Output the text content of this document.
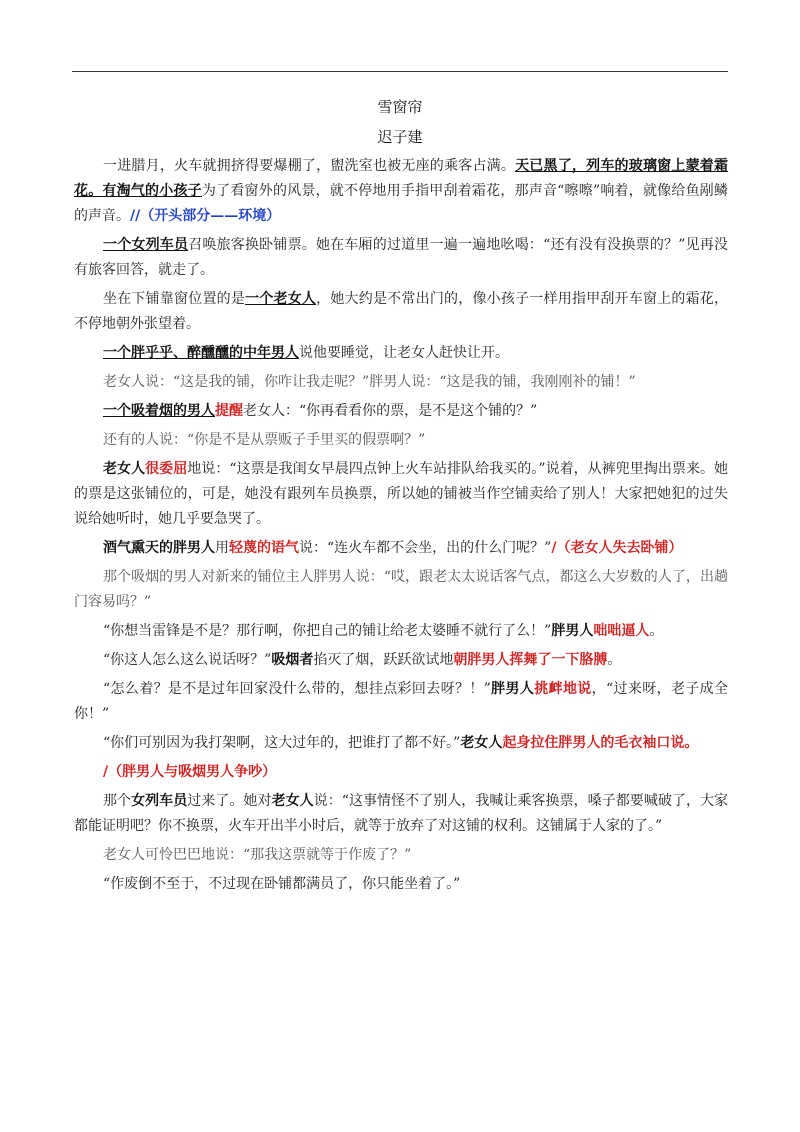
雪窗帘
迟子建

一进腊月，火车就拥挤得要爆棚了，盥洗室也被无座的乘客占满。天已黑了，列车的玻璃窗上蒙着霜花。有淘气的小孩子为了看窗外的风景，就不停地用手指甲刮着霜花，那声音“嚓嚓”响着，就像给鱼剐鳞的声音。//（开头部分——环境）

一个女列车员召唤旅客换卧铺票。她在车厢的过道里一遍一遍地吆喝：“还有没有没换票的？”见再没有旅客回答，就走了。

坐在下铺靠窗位置的是一个老女人，她大约是不常出门的，像小孩子一样用指甲刮开车窗上的霜花，不停地朝外张望着。

一个胖乎乎、醉醺醺的中年男人说他要睡觉，让老女人赶快让开。

老女人说：“这是我的铺，你咋让我走呢？”胖男人说：“这是我的铺，我刚刚补的铺！”

一个吸着烟的男人提醒老女人：“你再看看你的票，是不是这个铺的？”

还有的人说：“你是不是从票贩子手里买的假票啊？”

老女人很委屈地说：“这票是我闺女早晨四点钟上火车站排队给我买的。”说着，从裤兜里掏出票来。她的票是这张铺位的，可是，她没有跟列车员换票，所以她的铺被当作空铺卖给了别人！大家把她犯的过失说给她听时，她几乎要急哭了。

酒气熏天的胖男人用轻蔑的语气说：“连火车都不会坐，出的什么门呢？”/（老女人失去卧铺）

那个吸烟的男人对新来的铺位主人胖男人说：“哎，跟老太太说话客气点，都这么大岁数的人了，出趟门容易吗？”

“你想当雷锋是不是？那行啊，你把自己的铺让给老太婆睡不就行了么！”胖男人咄咄逼人。

“你这人怎么这么说话呀？”吸烟者掐灭了烟，跃跃欲试地朝胖男人挥舞了一下胳膊。

“怎么着？是不是过年回家没什么带的，想挂点彩回去呀？！”胖男人挑衅地说，“过来呀，老子成全你！”

“你们可别因为我打架啊，这大过年的，把谁打了都不好。”老女人起身拉住胖男人的毛衣袖口说。

/（胖男人与吸烟男人争吵）

那个女列车员过来了。她对老女人说：“这事情怪不了别人，我喊让乘客换票，嗓子都要喊破了，大家都能证明吧？你不换票，火车开出半小时后，就等于放弃了对这铺的权利。这铺属于人家的了。”

老女人可怜巴巴地说：“那我这票就等于作废了？”

“作废倒不至于，不过现在卧铺都满员了，你只能坐着了。”
